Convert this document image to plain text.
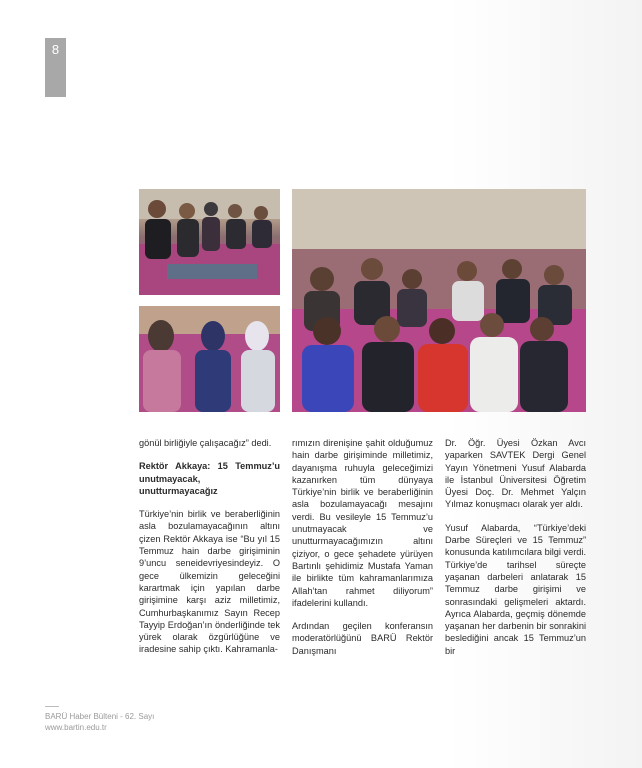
8

gönül birliğiyle çalışacağız” dedi.

Rektör Akkaya: 15 Temmuz’u unutmayacak, unutturmayacağız

Türkiye’nin birlik ve beraberliğinin asla bozulamayacağının altını çizen Rektör Akkaya ise “Bu yıl 15 Temmuz hain darbe girişiminin 9’uncu seneidevriyesindeyiz. O gece ülkemizin geleceğini karartmak için yapılan darbe girişimine karşı aziz milletimiz, Cumhurbaşkanımız Sayın Recep Tayyip Erdoğan’ın önderliğinde tek yürek olarak özgürlüğüne ve iradesine sahip çıktı. Kahramanla-

rımızın direnişine şahit olduğumuz hain darbe girişiminde milletimiz, dayanışma ruhuyla geleceğimizi kazanırken tüm dünyaya Türkiye’nin birlik ve beraberliğinin asla bozulamayacağı mesajını verdi. Bu vesileyle 15 Temmuz’u unutmayacak ve unutturmayacağımızın altını çiziyor, o gece şehadete yürüyen Bartınlı şehidimiz Mustafa Yaman ile birlikte tüm kahramanlarımıza Allah’tan rahmet diliyorum” ifadelerini kullandı.

Ardından geçilen konferansın moderatörlüğünü BARÜ Rektör Danışmanı

Dr. Öğr. Üyesi Özkan Avcı yaparken SAVTEK Dergi Genel Yayın Yönetmeni Yusuf Alabarda ile İstanbul Üniversitesi Öğretim Üyesi Doç. Dr. Mehmet Yalçın Yılmaz konuşmacı olarak yer aldı.

Yusuf Alabarda, “Türkiye’deki Darbe Süreçleri ve 15 Temmuz” konusunda katılımcılara bilgi verdi. Türkiye’de tarihsel süreçte yaşanan darbeleri anlatarak 15 Temmuz darbe girişimi ve sonrasındaki gelişmeleri aktardı. Ayrıca Alabarda, geçmiş dönemde yaşanan her darbenin bir sonrakini beslediğini ancak 15 Temmuz’un bir

BARÜ Haber Bülteni - 62. Sayı
www.bartin.edu.tr
